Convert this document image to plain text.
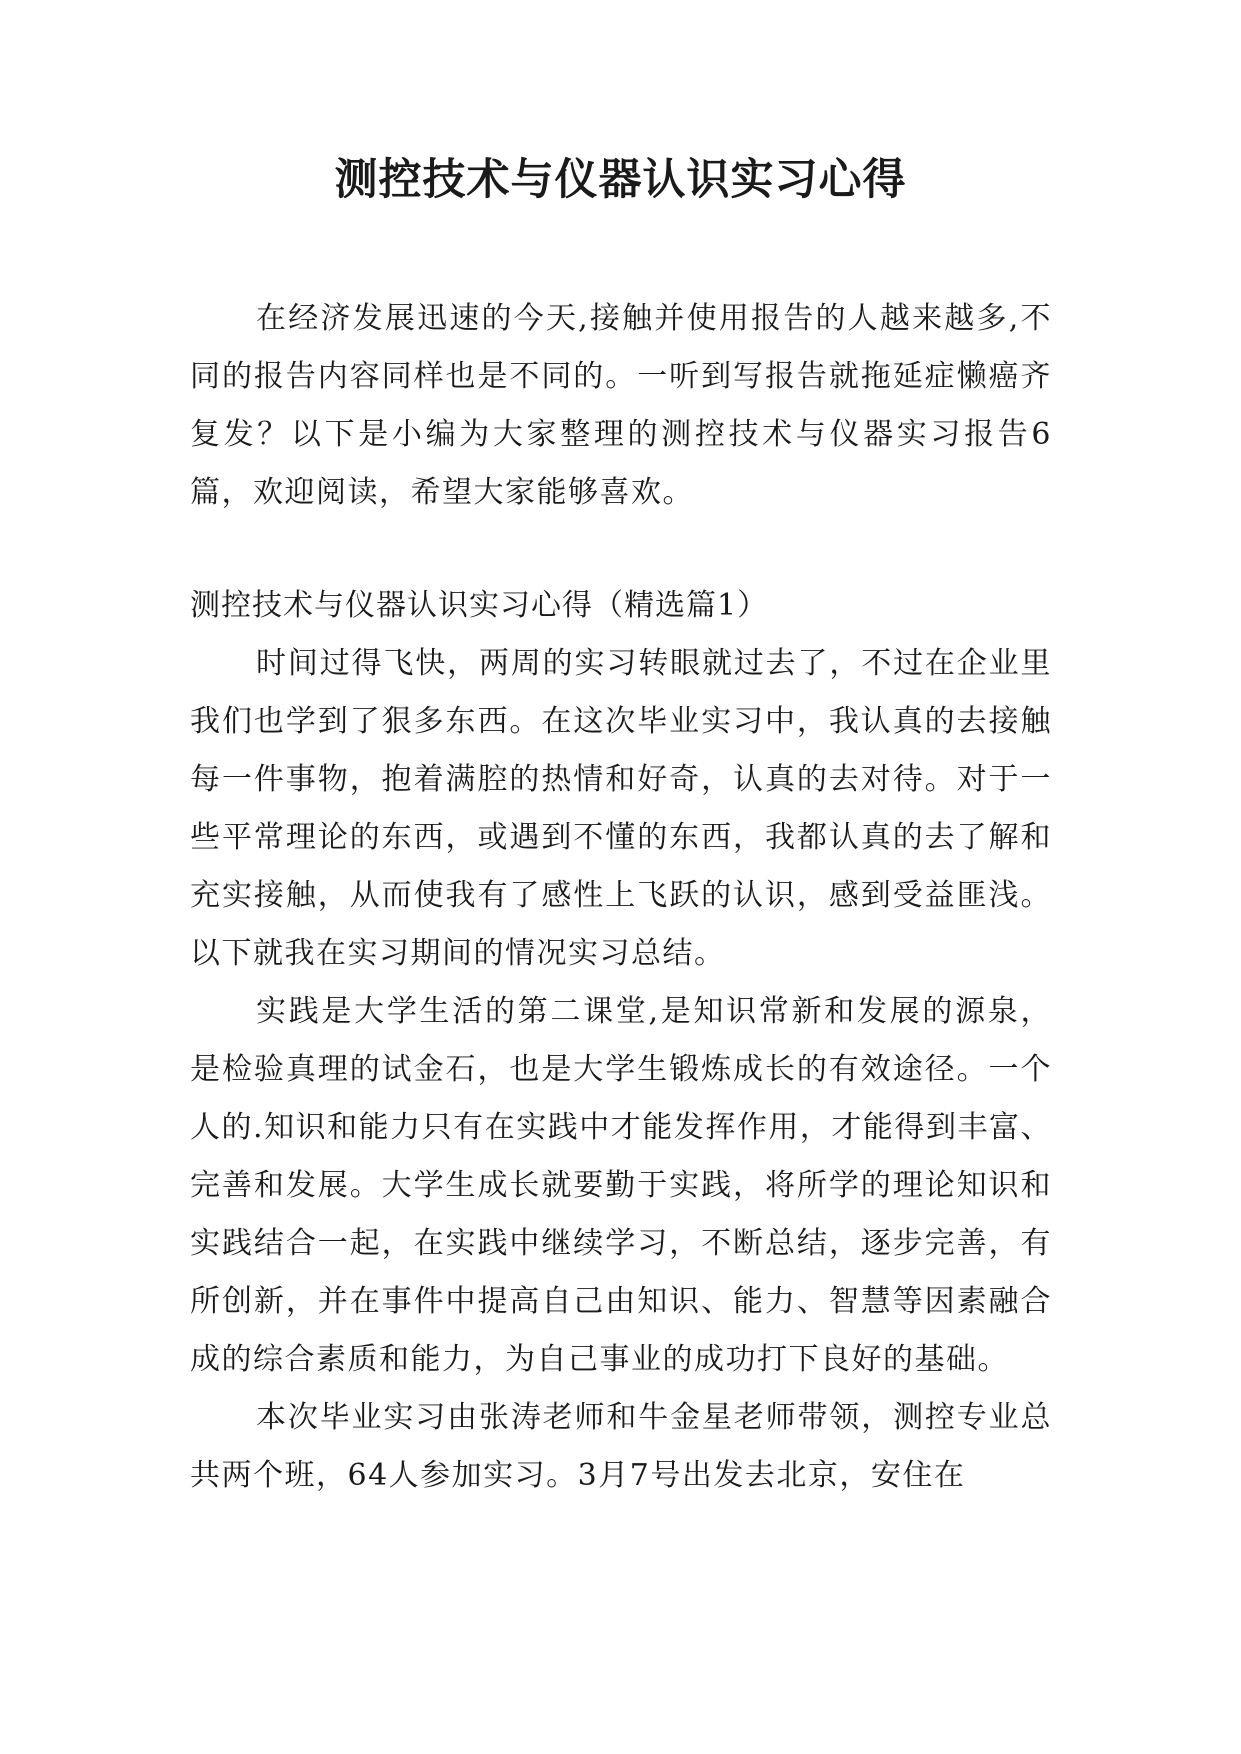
测控技术与仪器认识实习心得

在经济发展迅速的今天,接触并使用报告的人越来越多,不同的报告内容同样也是不同的。一听到写报告就拖延症懒癌齐复发？以下是小编为大家整理的测控技术与仪器实习报告6篇，欢迎阅读，希望大家能够喜欢。

测控技术与仪器认识实习心得（精选篇1）

时间过得飞快，两周的实习转眼就过去了，不过在企业里我们也学到了狠多东西。在这次毕业实习中，我认真的去接触每一件事物，抱着满腔的热情和好奇，认真的去对待。对于一些平常理论的东西，或遇到不懂的东西，我都认真的去了解和充实接触，从而使我有了感性上飞跃的认识，感到受益匪浅。以下就我在实习期间的情况实习总结。

实践是大学生活的第二课堂,是知识常新和发展的源泉，是检验真理的试金石，也是大学生锻炼成长的有效途径。一个人的.知识和能力只有在实践中才能发挥作用，才能得到丰富、完善和发展。大学生成长就要勤于实践，将所学的理论知识和实践结合一起，在实践中继续学习，不断总结，逐步完善，有所创新，并在事件中提高自己由知识、能力、智慧等因素融合成的综合素质和能力，为自己事业的成功打下良好的基础。

本次毕业实习由张涛老师和牛金星老师带领，测控专业总共两个班，64人参加实习。3月7号出发去北京，安住在
